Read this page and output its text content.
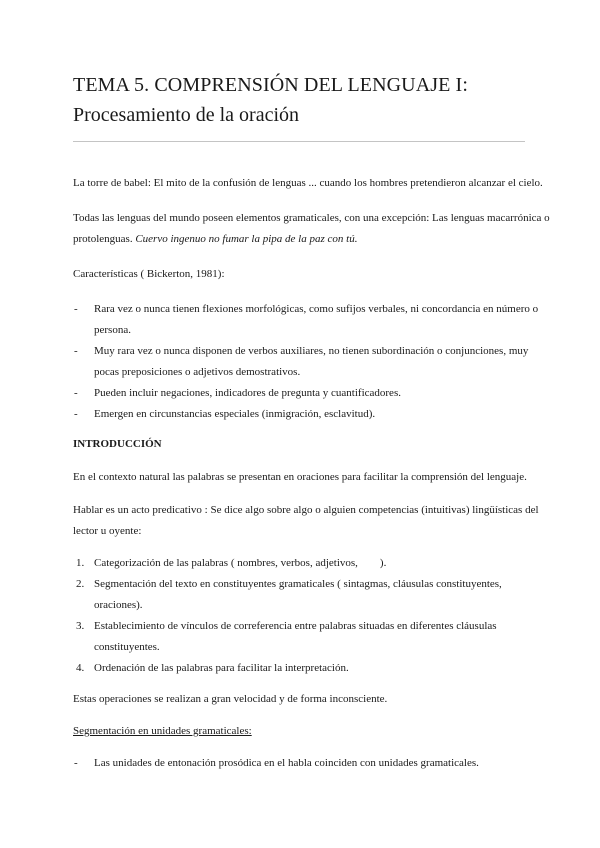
TEMA 5. COMPRENSIÓN DEL LENGUAJE I:
Procesamiento de la oración
La torre de babel: El mito de la confusión de lenguas ... cuando los hombres pretendieron alcanzar el cielo.
Todas las lenguas del mundo poseen elementos gramaticales, con una excepción: Las lenguas macarrónica o
protolenguas. Cuervo ingenuo no fumar la pipa de la paz con tú.
Características ( Bickerton, 1981):
- Rara vez o nunca tienen flexiones morfológicas, como sufijos verbales, ni concordancia en número o
persona.
- Muy rara vez o nunca disponen de verbos auxiliares, no tienen subordinación o conjunciones, muy
pocas preposiciones o adjetivos demostrativos.
- Pueden incluir negaciones, indicadores de pregunta y cuantificadores.
- Emergen en circunstancias especiales (inmigración, esclavitud).
INTRODUCCIÓN
En el contexto natural las palabras se presentan en oraciones para facilitar la comprensión del lenguaje.
Hablar es un acto predicativo : Se dice algo sobre algo o alguien competencias (intuitivas) lingüísticas del
lector u oyente:
1. Categorización de las palabras ( nombres, verbos, adjetivos, ).
2. Segmentación del texto en constituyentes gramaticales ( sintagmas, cláusulas constituyentes,
oraciones).
3. Establecimiento de vínculos de correferencia entre palabras situadas en diferentes cláusulas
constituyentes.
4. Ordenación de las palabras para facilitar la interpretación.
Estas operaciones se realizan a gran velocidad y de forma inconsciente.
Segmentación en unidades gramaticales:
- Las unidades de entonación prosódica en el habla coinciden con unidades gramaticales.
